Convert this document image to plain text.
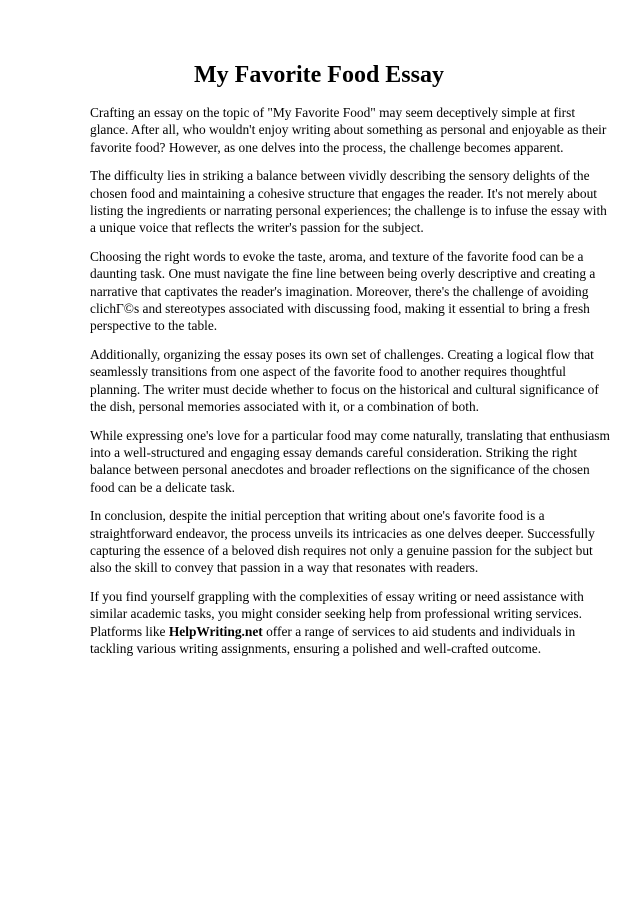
My Favorite Food Essay

Crafting an essay on the topic of "My Favorite Food" may seem deceptively simple at first
glance. After all, who wouldn't enjoy writing about something as personal and enjoyable as their
favorite food? However, as one delves into the process, the challenge becomes apparent.

The difficulty lies in striking a balance between vividly describing the sensory delights of the
chosen food and maintaining a cohesive structure that engages the reader. It's not merely about
listing the ingredients or narrating personal experiences; the challenge is to infuse the essay with
a unique voice that reflects the writer's passion for the subject.

Choosing the right words to evoke the taste, aroma, and texture of the favorite food can be a
daunting task. One must navigate the fine line between being overly descriptive and creating a
narrative that captivates the reader's imagination. Moreover, there's the challenge of avoiding
clichГ©s and stereotypes associated with discussing food, making it essential to bring a fresh
perspective to the table.

Additionally, organizing the essay poses its own set of challenges. Creating a logical flow that
seamlessly transitions from one aspect of the favorite food to another requires thoughtful
planning. The writer must decide whether to focus on the historical and cultural significance of
the dish, personal memories associated with it, or a combination of both.

While expressing one's love for a particular food may come naturally, translating that enthusiasm
into a well-structured and engaging essay demands careful consideration. Striking the right
balance between personal anecdotes and broader reflections on the significance of the chosen
food can be a delicate task.

In conclusion, despite the initial perception that writing about one's favorite food is a
straightforward endeavor, the process unveils its intricacies as one delves deeper. Successfully
capturing the essence of a beloved dish requires not only a genuine passion for the subject but
also the skill to convey that passion in a way that resonates with readers.

If you find yourself grappling with the complexities of essay writing or need assistance with
similar academic tasks, you might consider seeking help from professional writing services.
Platforms like HelpWriting.net offer a range of services to aid students and individuals in
tackling various writing assignments, ensuring a polished and well-crafted outcome.
